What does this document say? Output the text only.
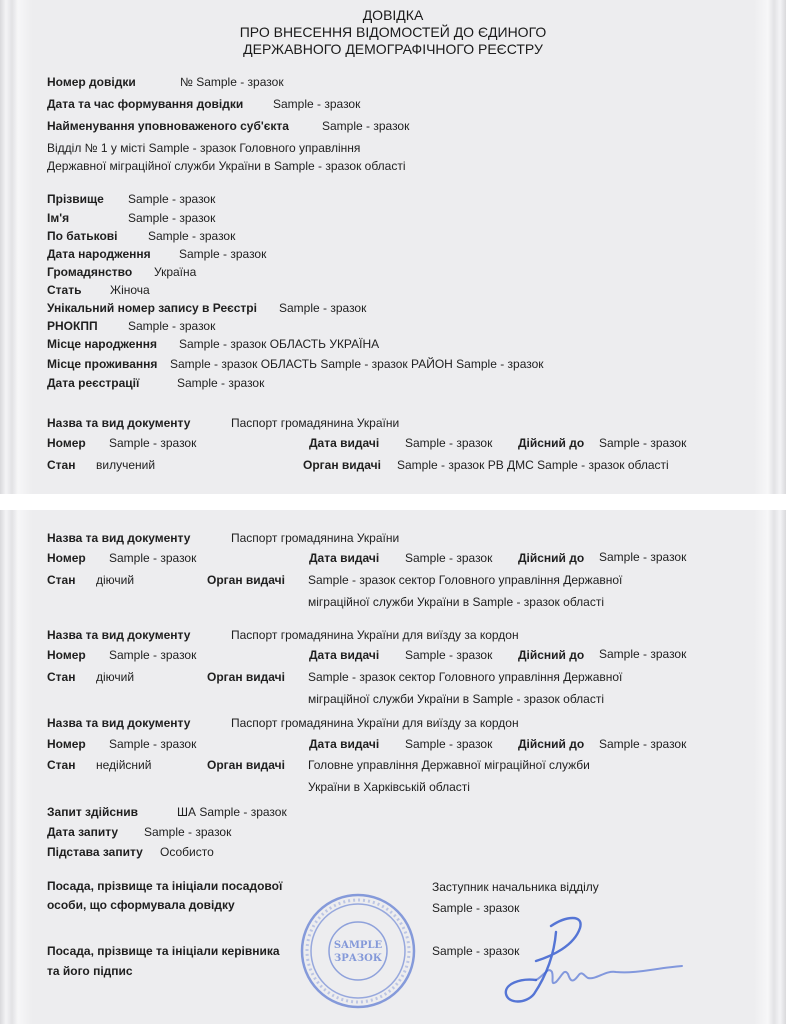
ДОВІДКА
ПРО ВНЕСЕННЯ ВІДОМОСТЕЙ ДО ЄДИНОГО
ДЕРЖАВНОГО ДЕМОГРАФІЧНОГО РЕЄСТРУ
Номер довідки	№ Sample - зразок
Дата та час формування довідки Sample - зразок
Найменування уповноваженого суб'єкта	Sample - зразок
Відділ № 1 у місті Sample - зразок Головного управління
Державної міграційної служби України в Sample - зразок області
Прізвище Sample - зразок
Ім'я	Sample - зразок
По батькові	Sample - зразок
Дата народження Sample - зразок
Громадянство Україна
Стать Жіноча
Унікальний номер запису в Реєстрі Sample - зразок
РНОКПП	Sample - зразок
Місце народження Sample - зразок ОБЛАСТЬ УКРАЇНА
Місце проживання Sample - зразок ОБЛАСТЬ Sample - зразок РАЙОН Sample - зразок
Дата реєстрації	Sample - зразок
Назва та вид документу	Паспорт громадянина України
Номер Sample - зразок	Дата видачі Sample - зразок Дійсний до Sample - зразок
Стан вилучений	Орган видачі Sample - зразок РВ ДМС Sample - зразок області
Назва та вид документу	Паспорт громадянина України
Номер Sample - зразок	Дата видачі Sample - зразок Дійсний до Sample - зразок
Стан діючий	Орган видачі Sample - зразок сектор Головного управління Державної
міграційної служби України в Sample - зразок області
Назва та вид документу	Паспорт громадянина України для виїзду за кордон
Номер Sample - зразок	Дата видачі Sample - зразок Дійсний до Sample - зразок
Стан діючий	Орган видачі Sample - зразок сектор Головного управління Державної
міграційної служби України в Sample - зразок області
Назва та вид документу	Паспорт громадянина України для виїзду за кордон
Номер Sample - зразок	Дата видачі Sample - зразок Дійсний до Sample - зразок
Стан недійсний	Орган видачі Головне управління Державної міграційної служби
України в Харківській області
Запит здійснив	ША Sample - зразок
Дата запиту Sample - зразок
Підстава запиту Особисто
Посада, прізвище та ініціали посадової
особи, що сформувала довідку
Заступник начальника відділу
Sample - зразок
Посада, прізвище та ініціали керівника
та його підпис
Sample - зразок
SAMPLE
ЗРАЗОК
